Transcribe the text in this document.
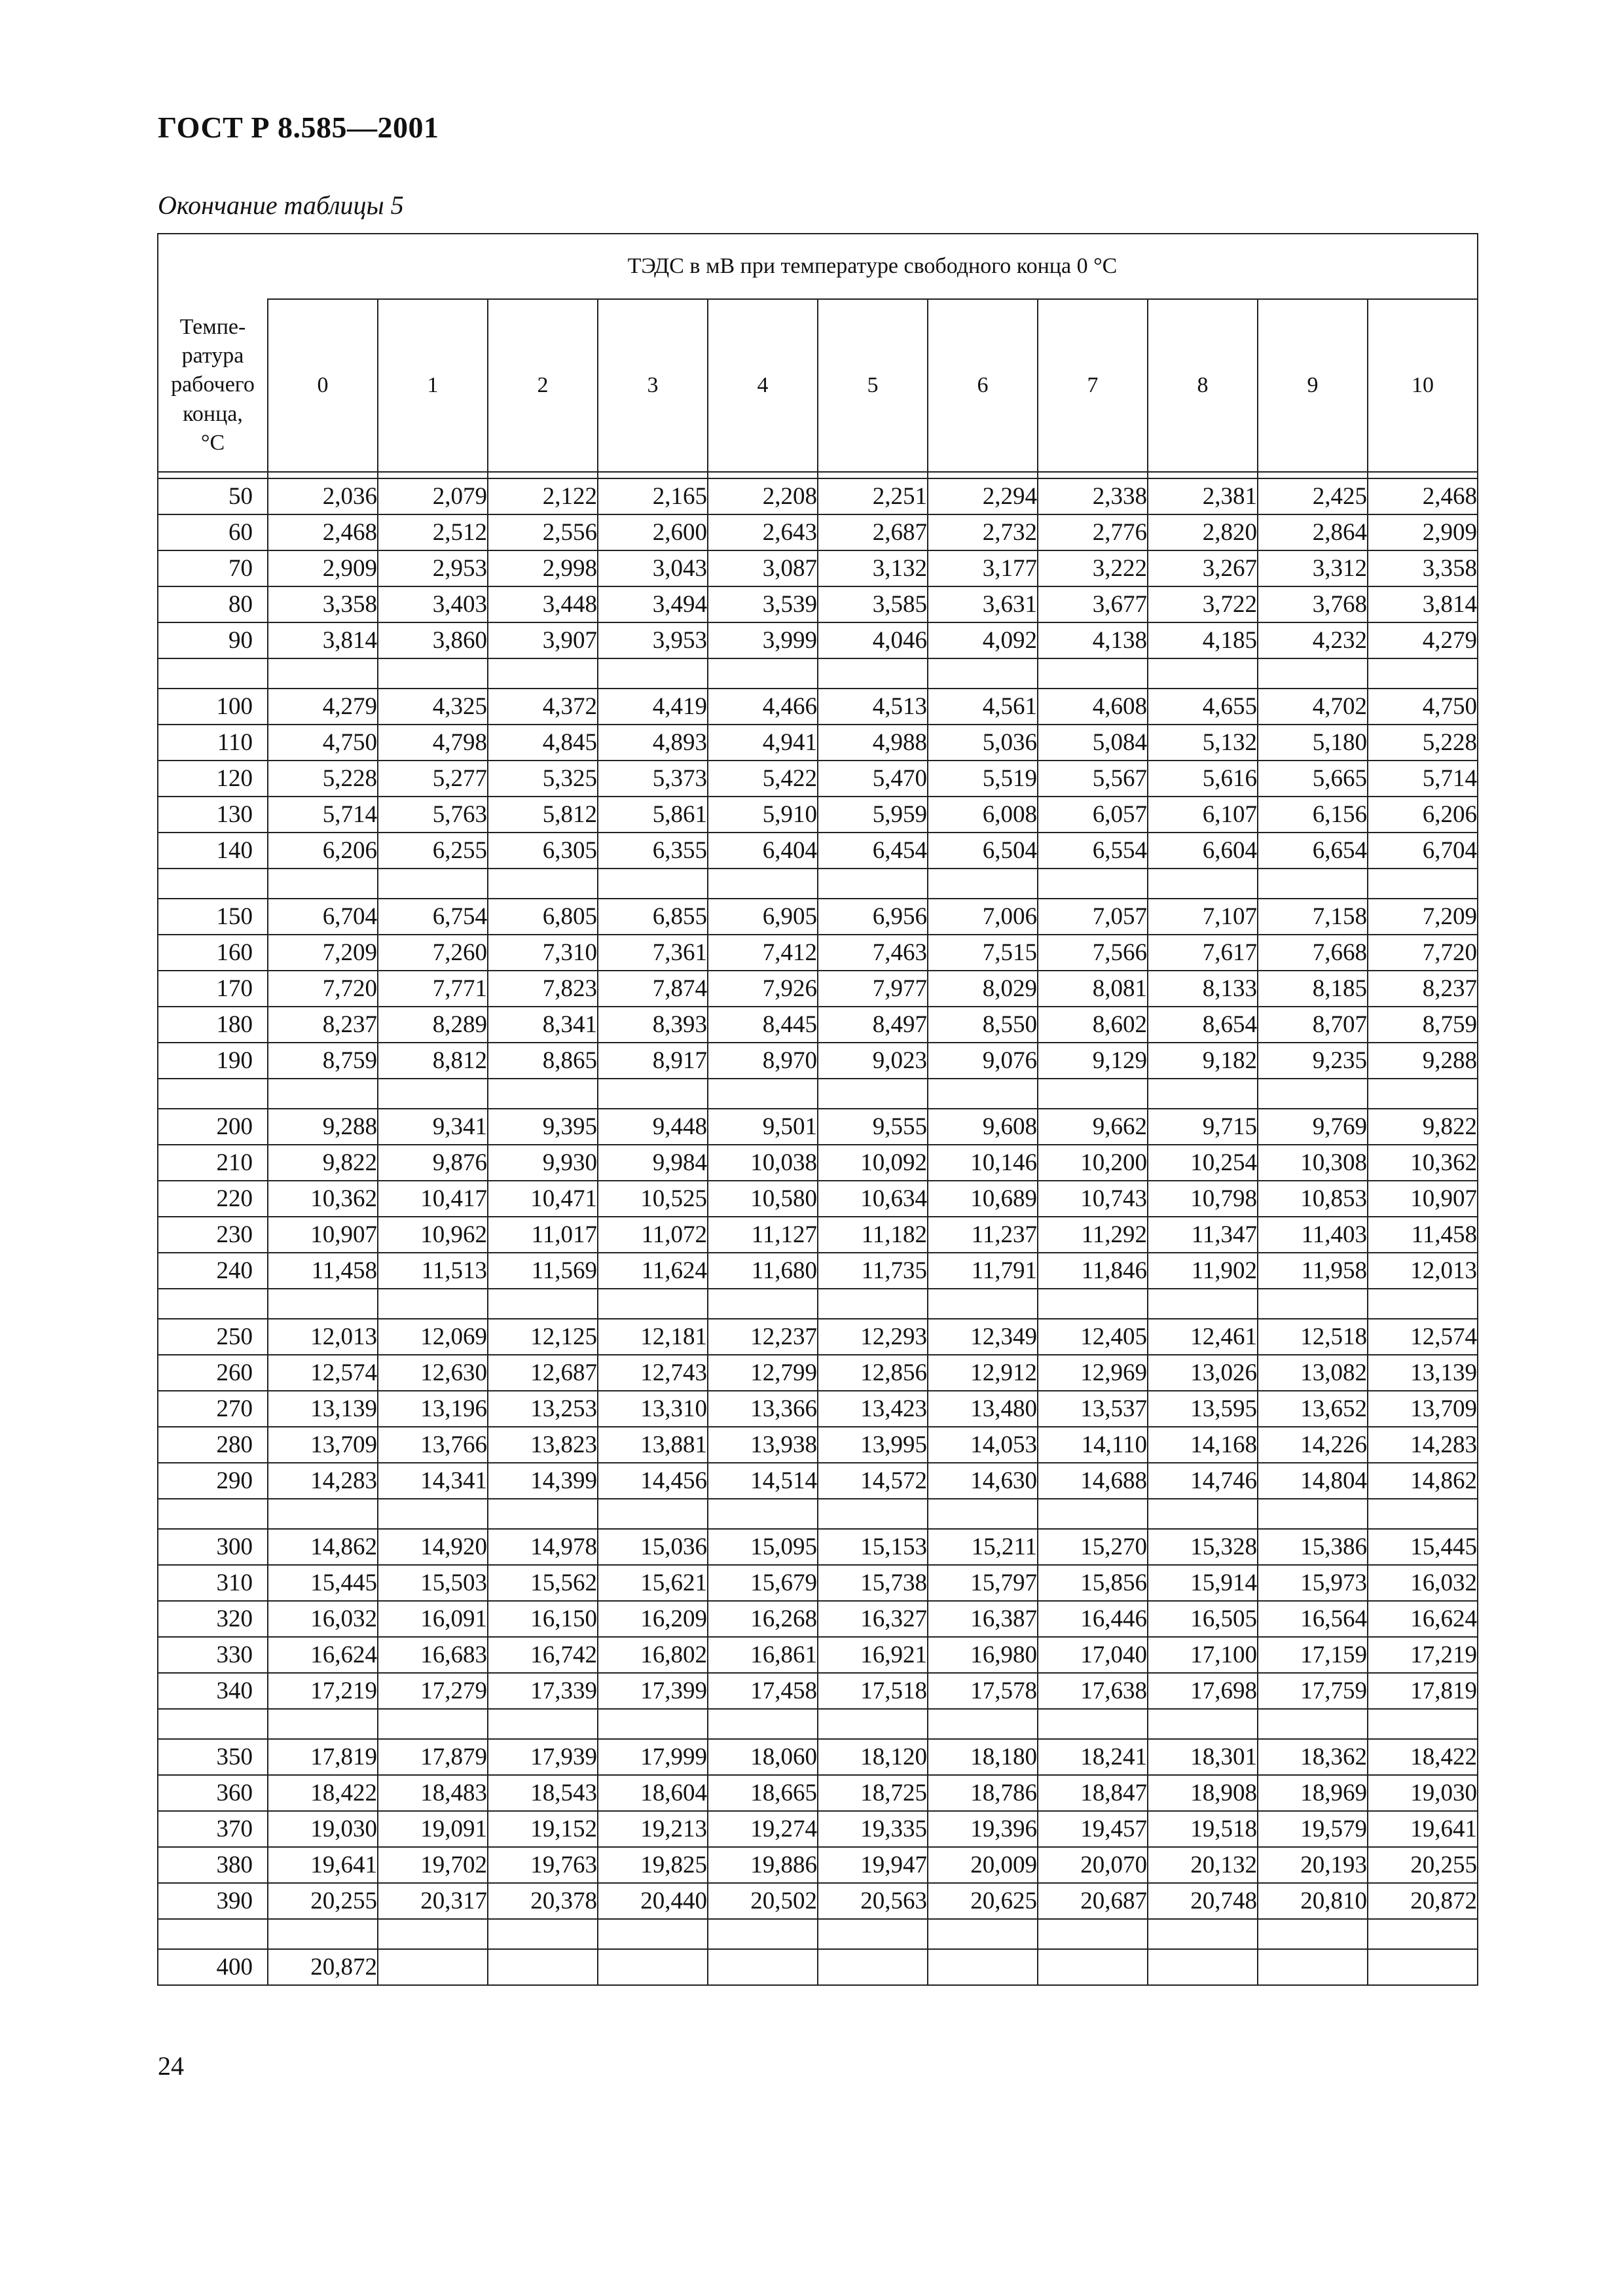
ГОСТ Р 8.585—2001
Окончание таблицы 5
	ТЭДС в мВ при температуре свободного конца 0 °С										
Темпе-
ратура
рабочего
конца,
°С	0	1	2	3	4	5	6	7	8	9	10

50	2,036	2,079	2,122	2,165	2,208	2,251	2,294	2,338	2,381	2,425	2,468
60	2,468	2,512	2,556	2,600	2,643	2,687	2,732	2,776	2,820	2,864	2,909
70	2,909	2,953	2,998	3,043	3,087	3,132	3,177	3,222	3,267	3,312	3,358
80	3,358	3,403	3,448	3,494	3,539	3,585	3,631	3,677	3,722	3,768	3,814
90	3,814	3,860	3,907	3,953	3,999	4,046	4,092	4,138	4,185	4,232	4,279

100	4,279	4,325	4,372	4,419	4,466	4,513	4,561	4,608	4,655	4,702	4,750
110	4,750	4,798	4,845	4,893	4,941	4,988	5,036	5,084	5,132	5,180	5,228
120	5,228	5,277	5,325	5,373	5,422	5,470	5,519	5,567	5,616	5,665	5,714
130	5,714	5,763	5,812	5,861	5,910	5,959	6,008	6,057	6,107	6,156	6,206
140	6,206	6,255	6,305	6,355	6,404	6,454	6,504	6,554	6,604	6,654	6,704

150	6,704	6,754	6,805	6,855	6,905	6,956	7,006	7,057	7,107	7,158	7,209
160	7,209	7,260	7,310	7,361	7,412	7,463	7,515	7,566	7,617	7,668	7,720
170	7,720	7,771	7,823	7,874	7,926	7,977	8,029	8,081	8,133	8,185	8,237
180	8,237	8,289	8,341	8,393	8,445	8,497	8,550	8,602	8,654	8,707	8,759
190	8,759	8,812	8,865	8,917	8,970	9,023	9,076	9,129	9,182	9,235	9,288

200	9,288	9,341	9,395	9,448	9,501	9,555	9,608	9,662	9,715	9,769	9,822
210	9,822	9,876	9,930	9,984	10,038	10,092	10,146	10,200	10,254	10,308	10,362
220	10,362	10,417	10,471	10,525	10,580	10,634	10,689	10,743	10,798	10,853	10,907
230	10,907	10,962	11,017	11,072	11,127	11,182	11,237	11,292	11,347	11,403	11,458
240	11,458	11,513	11,569	11,624	11,680	11,735	11,791	11,846	11,902	11,958	12,013

250	12,013	12,069	12,125	12,181	12,237	12,293	12,349	12,405	12,461	12,518	12,574
260	12,574	12,630	12,687	12,743	12,799	12,856	12,912	12,969	13,026	13,082	13,139
270	13,139	13,196	13,253	13,310	13,366	13,423	13,480	13,537	13,595	13,652	13,709
280	13,709	13,766	13,823	13,881	13,938	13,995	14,053	14,110	14,168	14,226	14,283
290	14,283	14,341	14,399	14,456	14,514	14,572	14,630	14,688	14,746	14,804	14,862

300	14,862	14,920	14,978	15,036	15,095	15,153	15,211	15,270	15,328	15,386	15,445
310	15,445	15,503	15,562	15,621	15,679	15,738	15,797	15,856	15,914	15,973	16,032
320	16,032	16,091	16,150	16,209	16,268	16,327	16,387	16,446	16,505	16,564	16,624
330	16,624	16,683	16,742	16,802	16,861	16,921	16,980	17,040	17,100	17,159	17,219
340	17,219	17,279	17,339	17,399	17,458	17,518	17,578	17,638	17,698	17,759	17,819

350	17,819	17,879	17,939	17,999	18,060	18,120	18,180	18,241	18,301	18,362	18,422
360	18,422	18,483	18,543	18,604	18,665	18,725	18,786	18,847	18,908	18,969	19,030
370	19,030	19,091	19,152	19,213	19,274	19,335	19,396	19,457	19,518	19,579	19,641
380	19,641	19,702	19,763	19,825	19,886	19,947	20,009	20,070	20,132	20,193	20,255
390	20,255	20,317	20,378	20,440	20,502	20,563	20,625	20,687	20,748	20,810	20,872

400	20,872										
24
